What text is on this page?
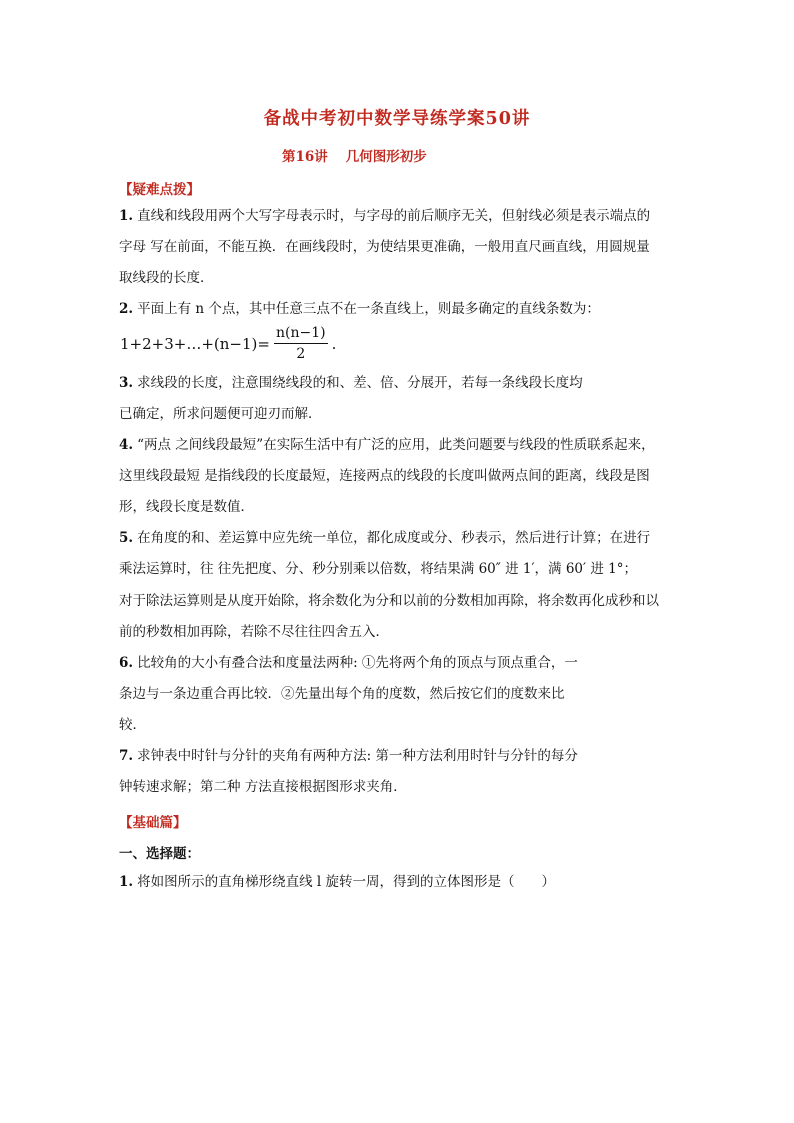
备战中考初中数学导练学案50讲
第16讲 几何图形初步
【疑难点拨】
1. 直线和线段用两个大写字母表示时，与字母的前后顺序无关，但射线必须是表示端点的
字母 写在前面，不能互换．在画线段时，为使结果更准确，一般用直尺画直线，用圆规量
取线段的长度．
2. 平面上有 n 个点，其中任意三点不在一条直线上，则最多确定的直线条数为：
1+2+3+…+(n−1) = $\frac{n(n-1)}{2}$ .
3. 求线段的长度，注意围绕线段的和、差、倍、分展开，若每一条线段长度均
已确定，所求问题便可迎刃而解．
4. “两点 之间线段最短”在实际生活中有广泛的应用，此类问题要与线段的性质联系起来，
这里线段最短 是指线段的长度最短，连接两点的线段的长度叫做两点间的距离，线段是图
形，线段长度是数值．
5. 在角度的和、差运算中应先统一单位，都化成度或分、秒表示，然后进行计算；在进行
乘法运算时，往 往先把度、分、秒分别乘以倍数，将结果满 60″ 进 1′，满 60′ 进 1°；
对于除法运算则是从度开始除，将余数化为分和以前的分数相加再除，将余数再化成秒和以
前的秒数相加再除，若除不尽往往四舍五入．
6. 比较角的大小有叠合法和度量法两种: ①先将两个角的顶点与顶点重合，一
条边与一条边重合再比较．②先量出每个角的度数，然后按它们的度数来比
较．
7. 求钟表中时针与分针的夹角有两种方法: 第一种方法利用时针与分针的每分
钟转速求解；第二种 方法直接根据图形求夹角．
【基础篇】
一、选择题：
1. 将如图所示的直角梯形绕直线 l 旋转一周，得到的立体图形是（　　）
